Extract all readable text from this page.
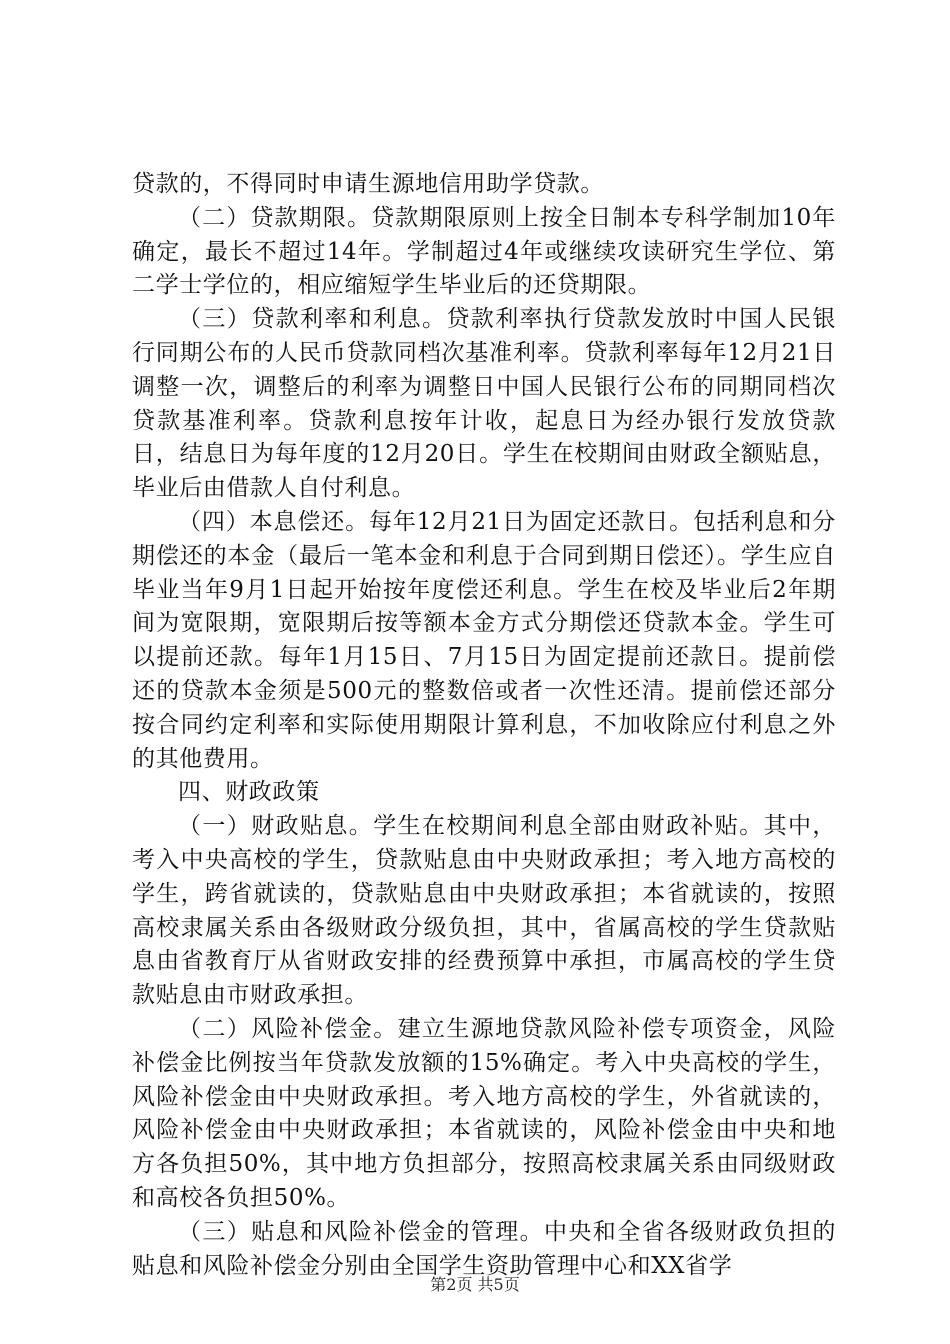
贷款的，不得同时申请生源地信用助学贷款。

（二）贷款期限。贷款期限原则上按全日制本专科学制加10年确定，最长不超过14年。学制超过4年或继续攻读研究生学位、第二学士学位的，相应缩短学生毕业后的还贷期限。

（三）贷款利率和利息。贷款利率执行贷款发放时中国人民银行同期公布的人民币贷款同档次基准利率。贷款利率每年12月21日调整一次，调整后的利率为调整日中国人民银行公布的同期同档次贷款基准利率。贷款利息按年计收，起息日为经办银行发放贷款日，结息日为每年度的12月20日。学生在校期间由财政全额贴息，毕业后由借款人自付利息。

（四）本息偿还。每年12月21日为固定还款日。包括利息和分期偿还的本金（最后一笔本金和利息于合同到期日偿还）。学生应自毕业当年9月1日起开始按年度偿还利息。学生在校及毕业后2年期间为宽限期，宽限期后按等额本金方式分期偿还贷款本金。学生可以提前还款。每年1月15日、7月15日为固定提前还款日。提前偿还的贷款本金须是500元的整数倍或者一次性还清。提前偿还部分按合同约定利率和实际使用期限计算利息，不加收除应付利息之外的其他费用。

四、财政政策

（一）财政贴息。学生在校期间利息全部由财政补贴。其中，考入中央高校的学生，贷款贴息由中央财政承担；考入地方高校的学生，跨省就读的，贷款贴息由中央财政承担；本省就读的，按照高校隶属关系由各级财政分级负担，其中，省属高校的学生贷款贴息由省教育厅从省财政安排的经费预算中承担，市属高校的学生贷款贴息由市财政承担。

（二）风险补偿金。建立生源地贷款风险补偿专项资金，风险补偿金比例按当年贷款发放额的15%确定。考入中央高校的学生，风险补偿金由中央财政承担。考入地方高校的学生，外省就读的，风险补偿金由中央财政承担；本省就读的，风险补偿金由中央和地方各负担50%，其中地方负担部分，按照高校隶属关系由同级财政和高校各负担50%。

（三）贴息和风险补偿金的管理。中央和全省各级财政负担的贴息和风险补偿金分别由全国学生资助管理中心和XX省学

第2页 共5页
